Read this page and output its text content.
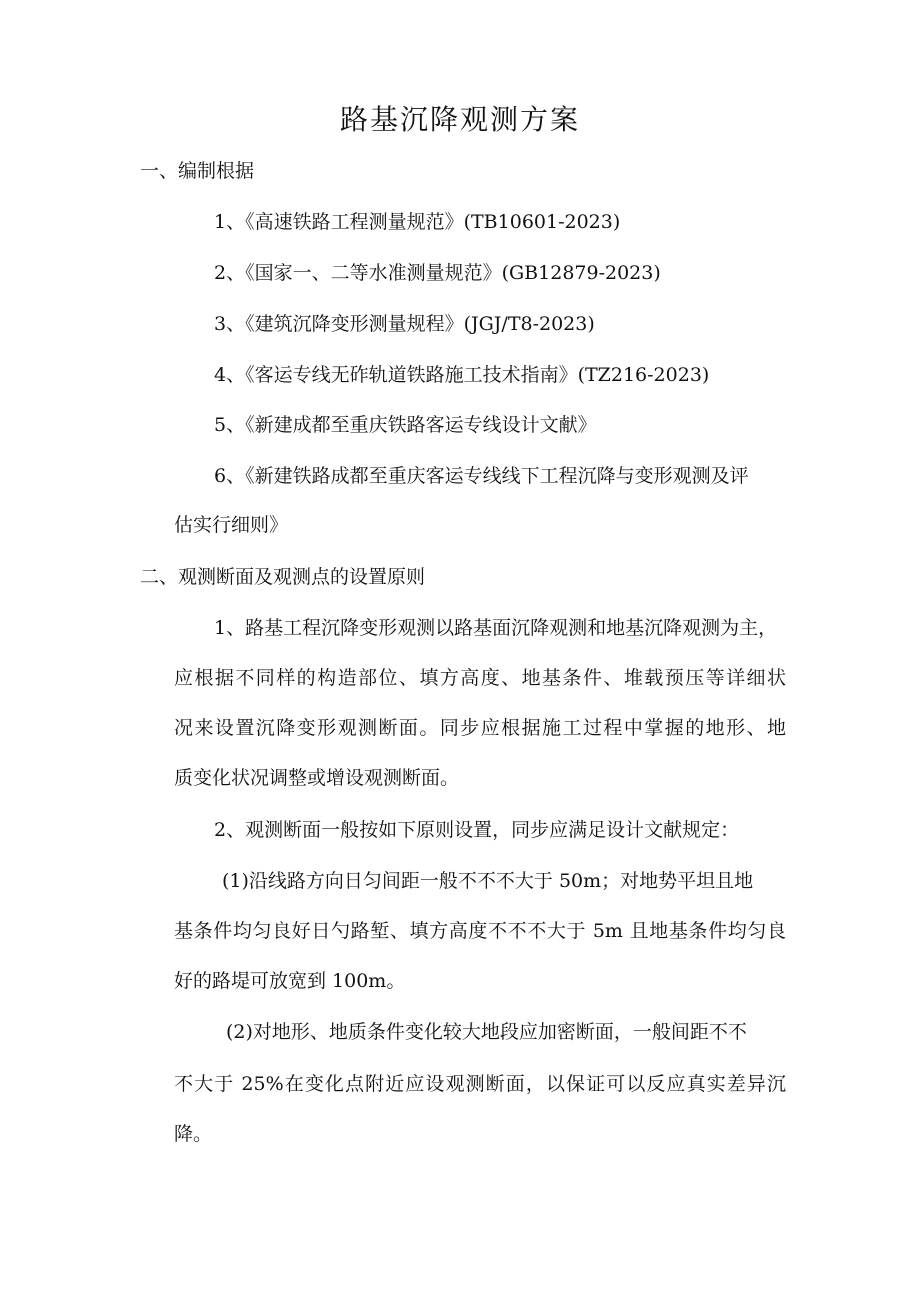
路基沉降观测方案
一、编制根据
1、《高速铁路工程测量规范》(TB10601-2023)
2、《国家一、二等水准测量规范》(GB12879-2023)
3、《建筑沉降变形测量规程》(JGJ/T8-2023)
4、《客运专线无砟轨道铁路施工技术指南》(TZ216-2023)
5、《新建成都至重庆铁路客运专线设计文献》
6、《新建铁路成都至重庆客运专线线下工程沉降与变形观测及评
估实行细则》
二、观测断面及观测点的设置原则
1、路基工程沉降变形观测以路基面沉降观测和地基沉降观测为主，
应根据不同样的构造部位、填方高度、地基条件、堆载预压等详细状
况来设置沉降变形观测断面。同步应根据施工过程中掌握的地形、地
质变化状况调整或增设观测断面。
2、观测断面一般按如下原则设置，同步应满足设计文献规定：
(1)沿线路方向日匀间距一般不不不大于 50m；对地势平坦且地
基条件均匀良好日勺路堑、填方高度不不不大于 5m 且地基条件均匀良
好的路堤可放宽到 100m。
(2)对地形、地质条件变化较大地段应加密断面，一般间距不不
不大于 25%在变化点附近应设观测断面，以保证可以反应真实差异沉
降。
